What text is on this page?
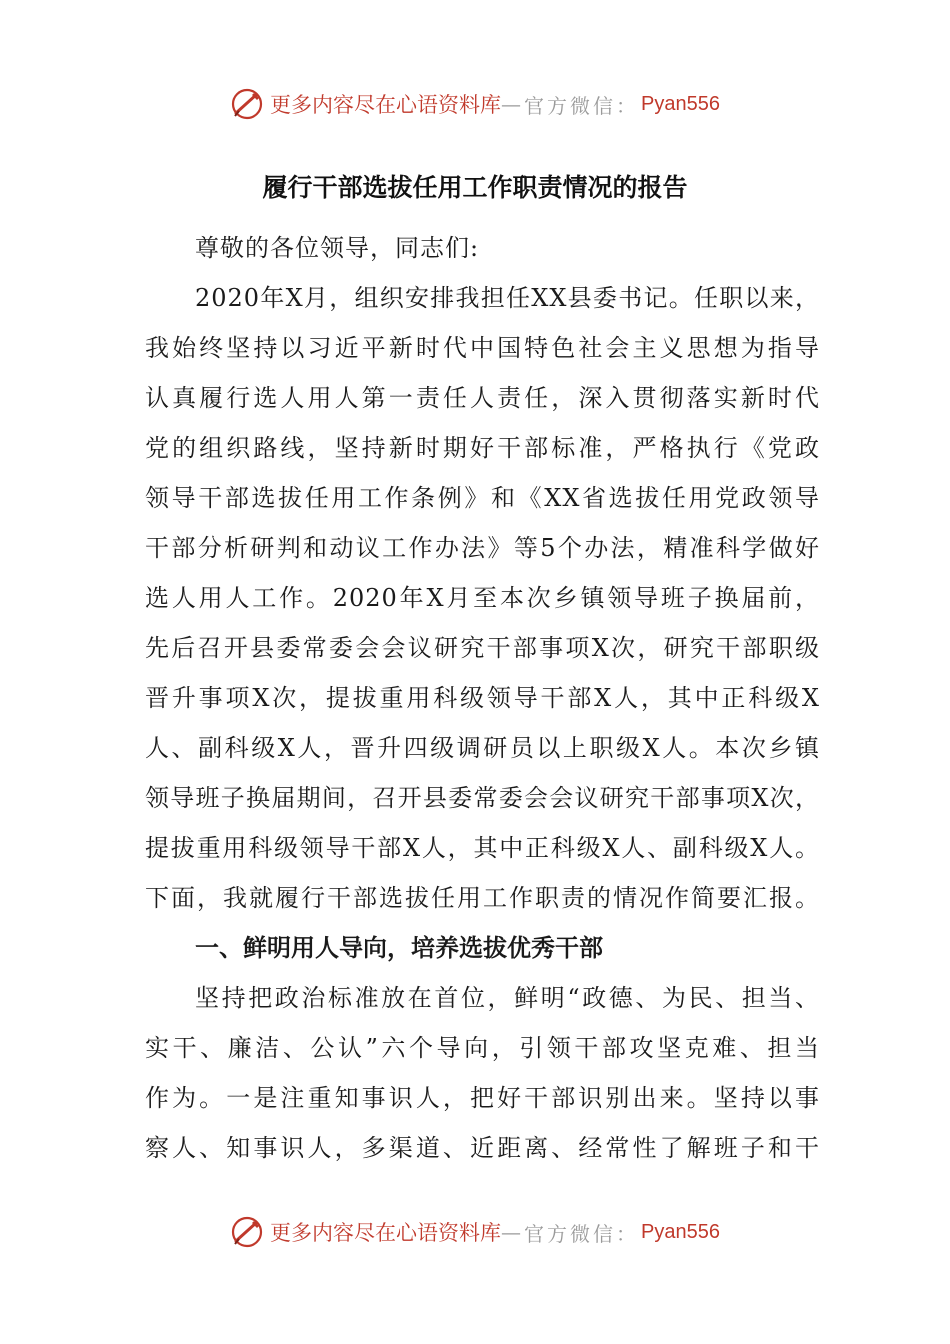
更多内容尽在心语资料库 — 官方微信： Pyan556
履行干部选拔任用工作职责情况的报告
尊敬的各位领导，同志们:
2020年X月，组织安排我担任XX县委书记。任职以来，
我始终坚持以习近平新时代中国特色社会主义思想为指导
认真履行选人用人第一责任人责任，深入贯彻落实新时代
党的组织路线，坚持新时期好干部标准，严格执行《党政
领导干部选拔任用工作条例》和《XX省选拔任用党政领导
干部分析研判和动议工作办法》等5个办法，精准科学做好
选人用人工作。2020年X月至本次乡镇领导班子换届前，
先后召开县委常委会会议研究干部事项X次，研究干部职级
晋升事项X次，提拔重用科级领导干部X人，其中正科级X
人、副科级X人，晋升四级调研员以上职级X人。本次乡镇
领导班子换届期间，召开县委常委会会议研究干部事项X次，
提拔重用科级领导干部X人，其中正科级X人、副科级X人。
下面，我就履行干部选拔任用工作职责的情况作简要汇报。
一、鲜明用人导向，培养选拔优秀干部
坚持把政治标准放在首位，鲜明“政德、为民、担当、
实干、廉洁、公认”六个导向，引领干部攻坚克难、担当
作为。一是注重知事识人，把好干部识别出来。坚持以事
察人、知事识人，多渠道、近距离、经常性了解班子和干
更多内容尽在心语资料库 — 官方微信： Pyan556
